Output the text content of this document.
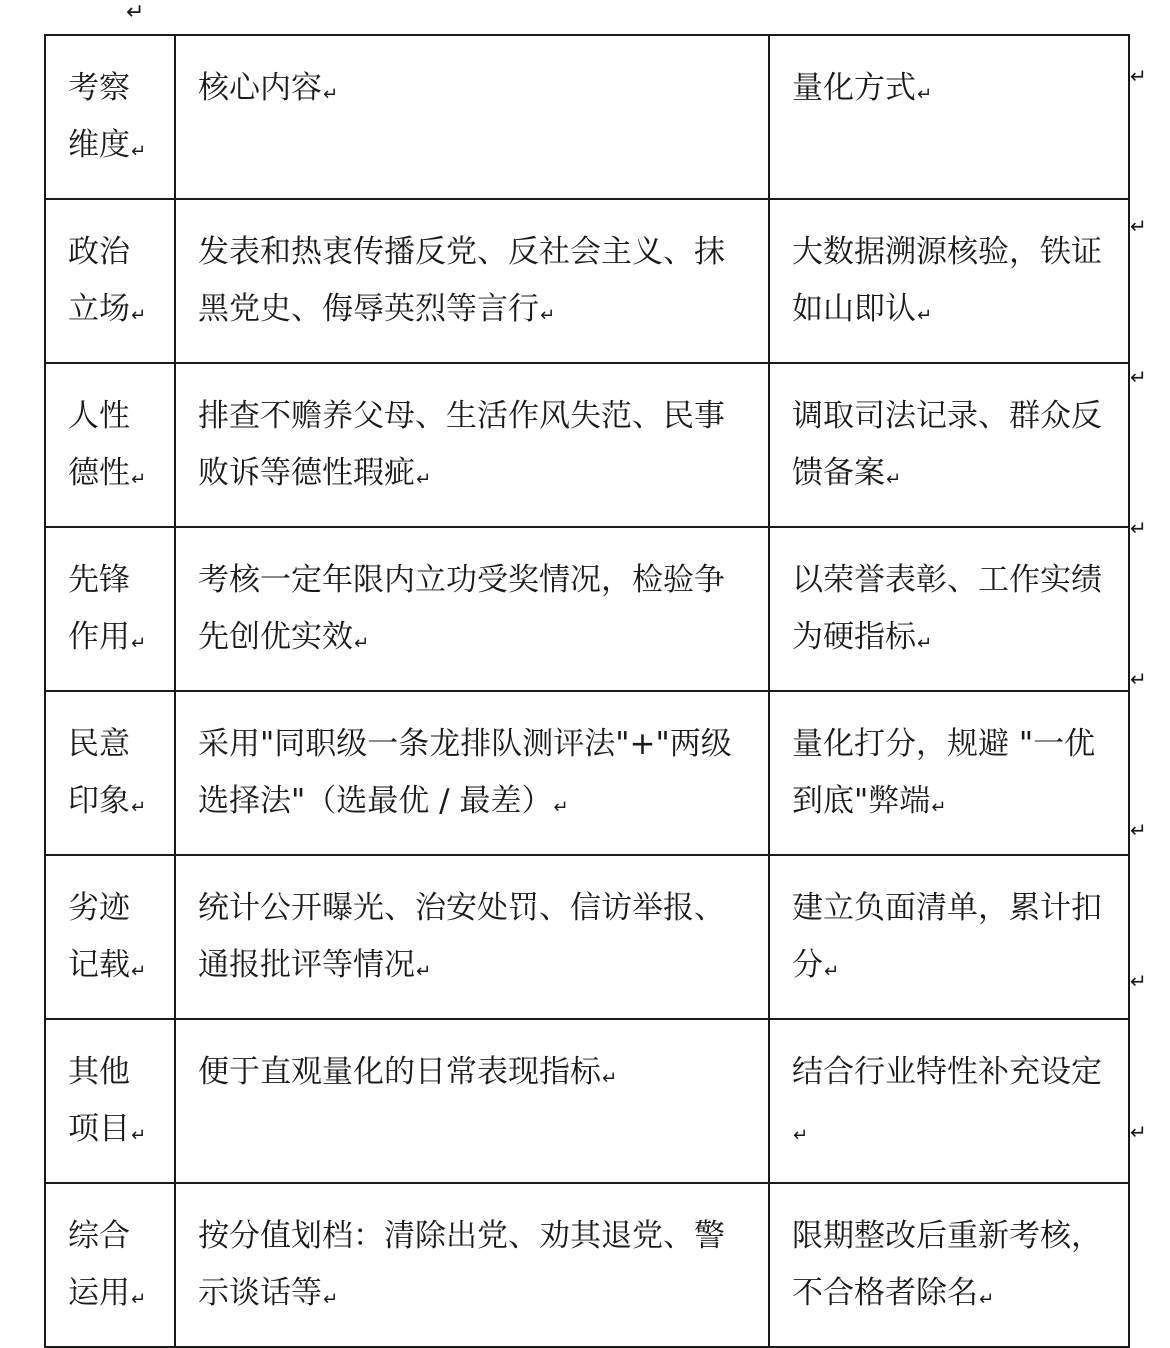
↵
考察维度↵	核心内容↵	量化方式↵
政治立场↵	发表和热衷传播反党、反社会主义、抹黑党史、侮辱英烈等言行↵	大数据溯源核验，铁证如山即认↵
人性德性↵	排查不赡养父母、生活作风失范、民事败诉等德性瑕疵↵	调取司法记录、群众反馈备案↵
先锋作用↵	考核一定年限内立功受奖情况，检验争先创优实效↵	以荣誉表彰、工作实绩为硬指标↵
民意印象↵	采用"同职级一条龙排队测评法"+"两级选择法"（选最优 / 最差）↵	量化打分，规避 "一优到底"弊端↵
劣迹记载↵	统计公开曝光、治安处罚、信访举报、通报批评等情况↵	建立负面清单，累计扣分↵
其他项目↵	便于直观量化的日常表现指标↵	结合行业特性补充设定↵
综合运用↵	按分值划档：清除出党、劝其退党、警示谈话等↵	限期整改后重新考核，不合格者除名↵
↵
↵
↵
↵
↵
↵
↵
↵
